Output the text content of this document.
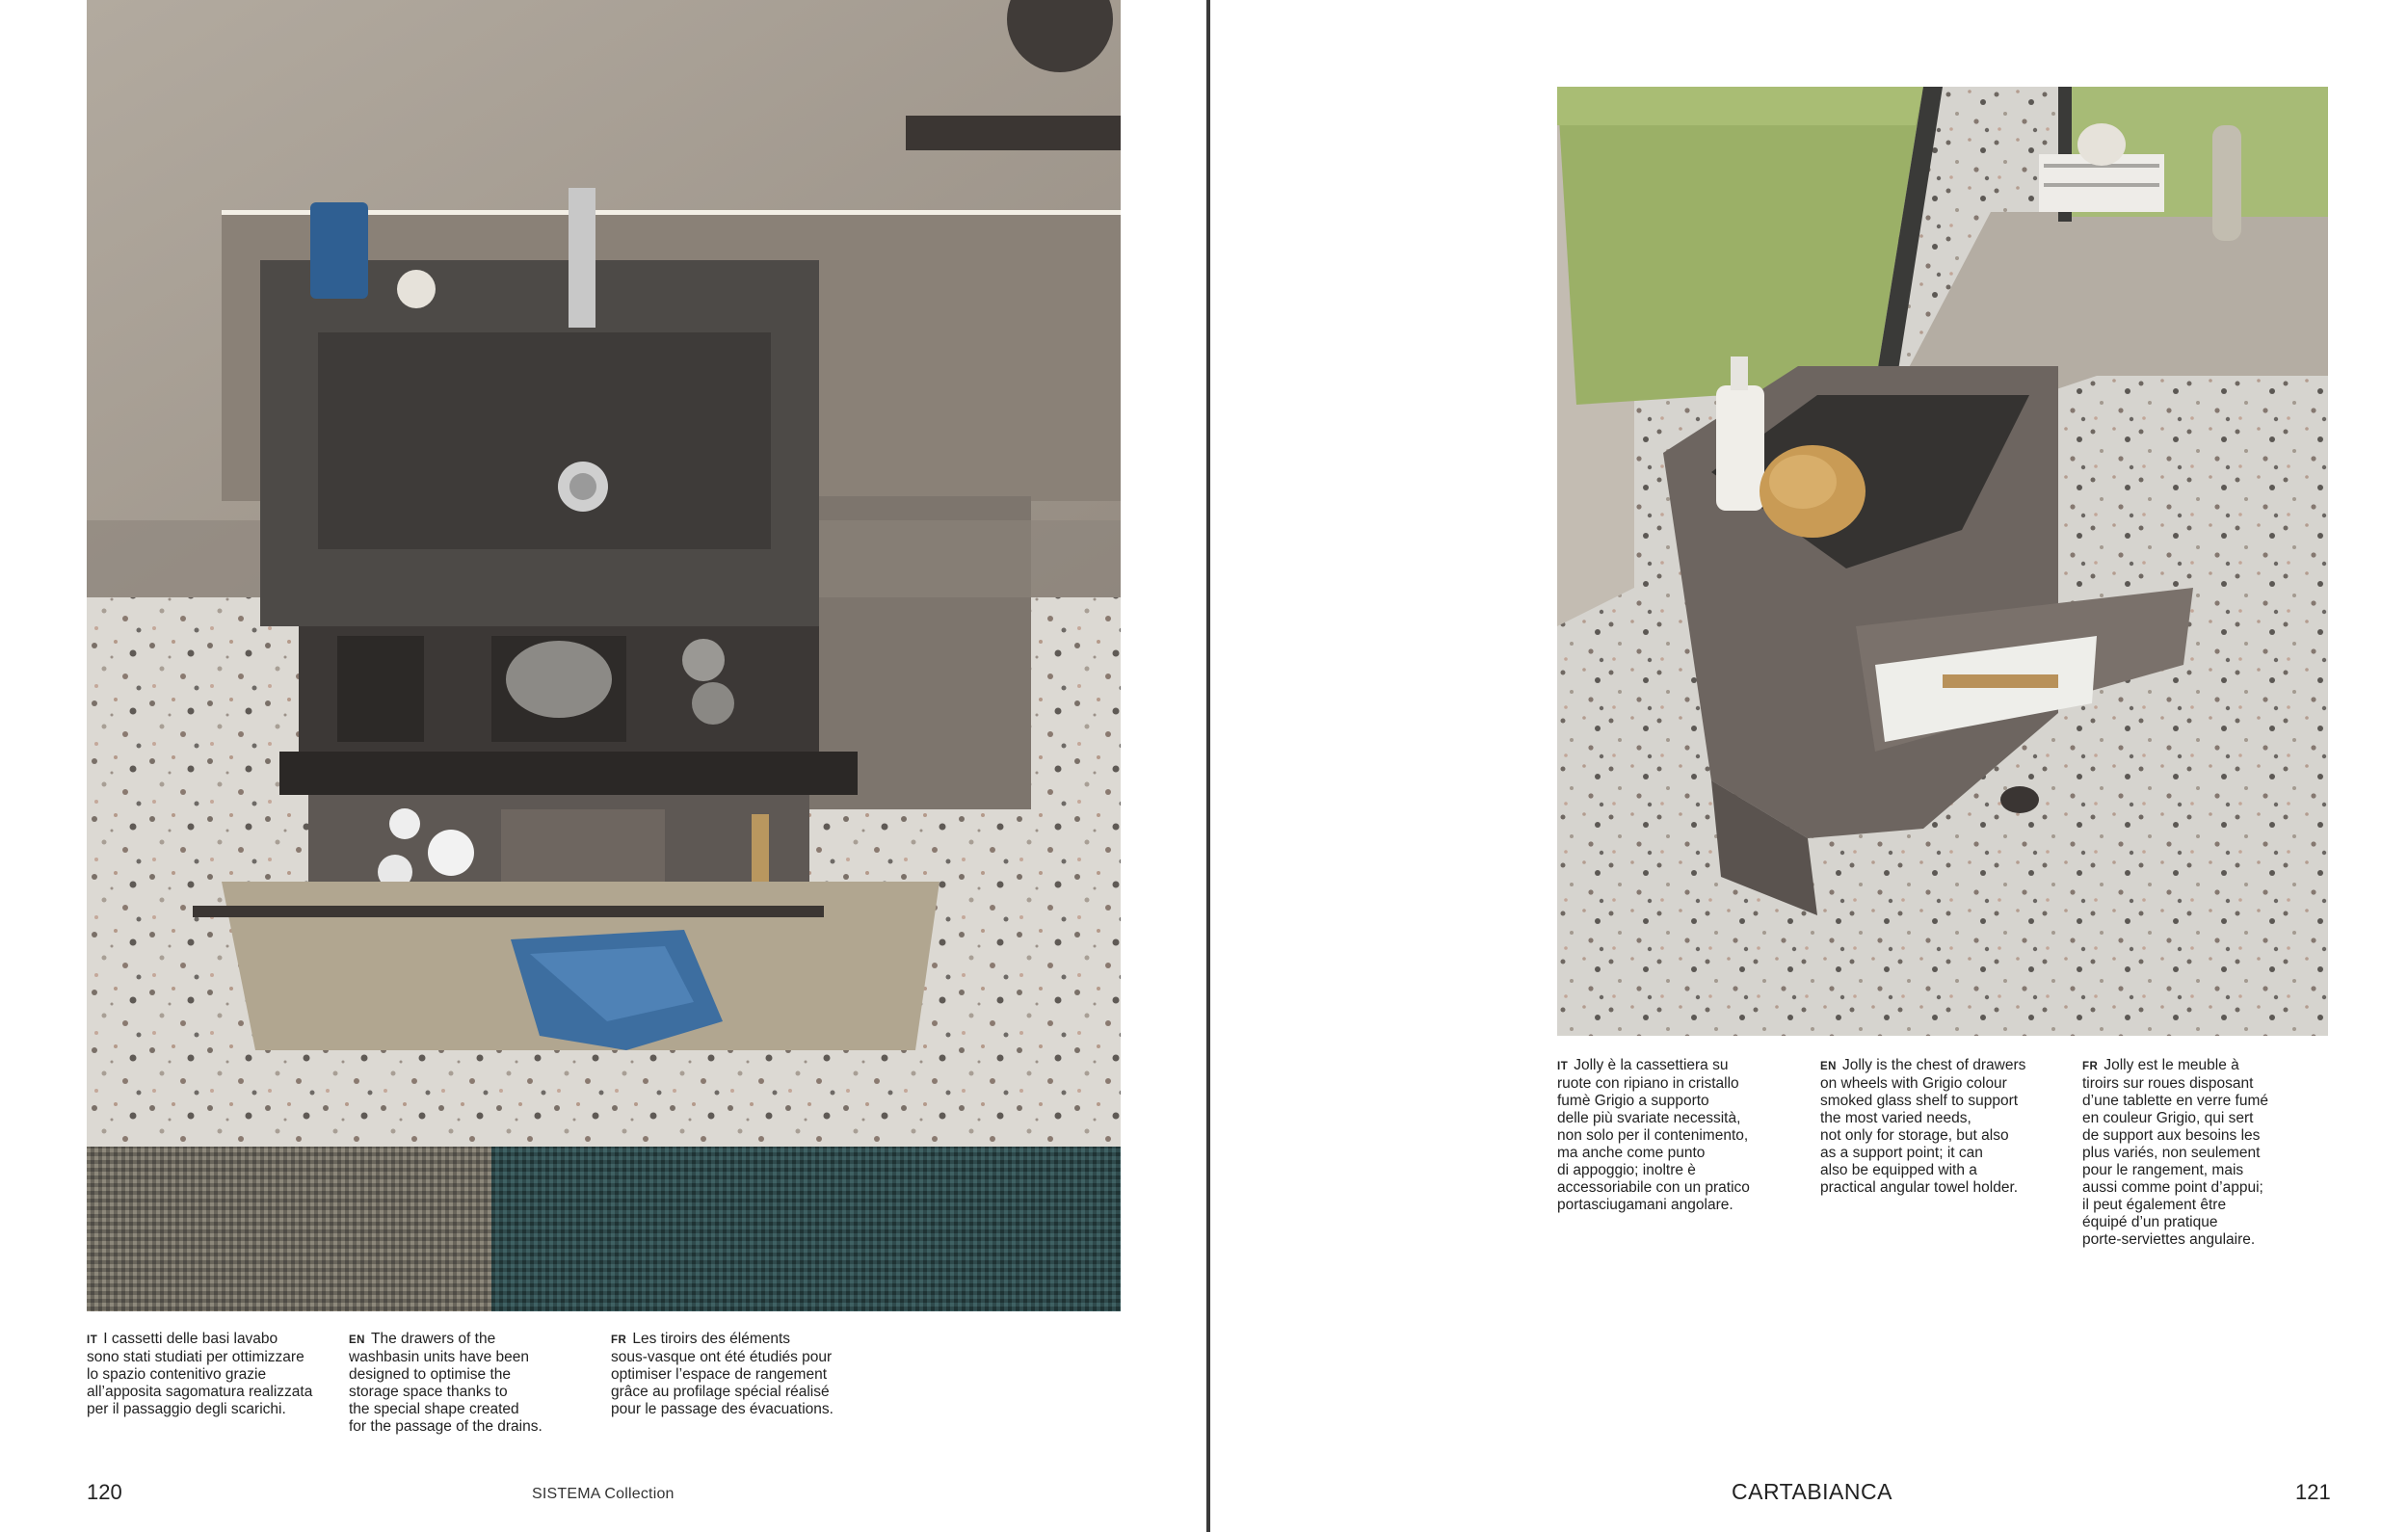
IT I cassetti delle basi lavabo
sono stati studiati per ottimizzare
lo spazio contenitivo grazie
all’apposita sagomatura realizzata
per il passaggio degli scarichi.
EN The drawers of the
washbasin units have been
designed to optimise the
storage space thanks to
the special shape created
for the passage of the drains.
FR Les tiroirs des éléments
sous-vasque ont été étudiés pour
optimiser l’espace de rangement
grâce au profilage spécial réalisé
pour le passage des évacuations.
120	SISTEMA Collection
IT Jolly è la cassettiera su
ruote con ripiano in cristallo
fumè Grigio a supporto
delle più svariate necessità,
non solo per il contenimento,
ma anche come punto
di appoggio; inoltre è
accessoriabile con un pratico
portasciugamani angolare.
EN Jolly is the chest of drawers
on wheels with Grigio colour
smoked glass shelf to support
the most varied needs,
not only for storage, but also
as a support point; it can
also be equipped with a
practical angular towel holder.
FR Jolly est le meuble à
tiroirs sur roues disposant
d’une tablette en verre fumé
en couleur Grigio, qui sert
de support aux besoins les
plus variés, non seulement
pour le rangement, mais
aussi comme point d’appui;
il peut également être
équipé d’un pratique
porte-serviettes angulaire.
CARTABIANCA	121
